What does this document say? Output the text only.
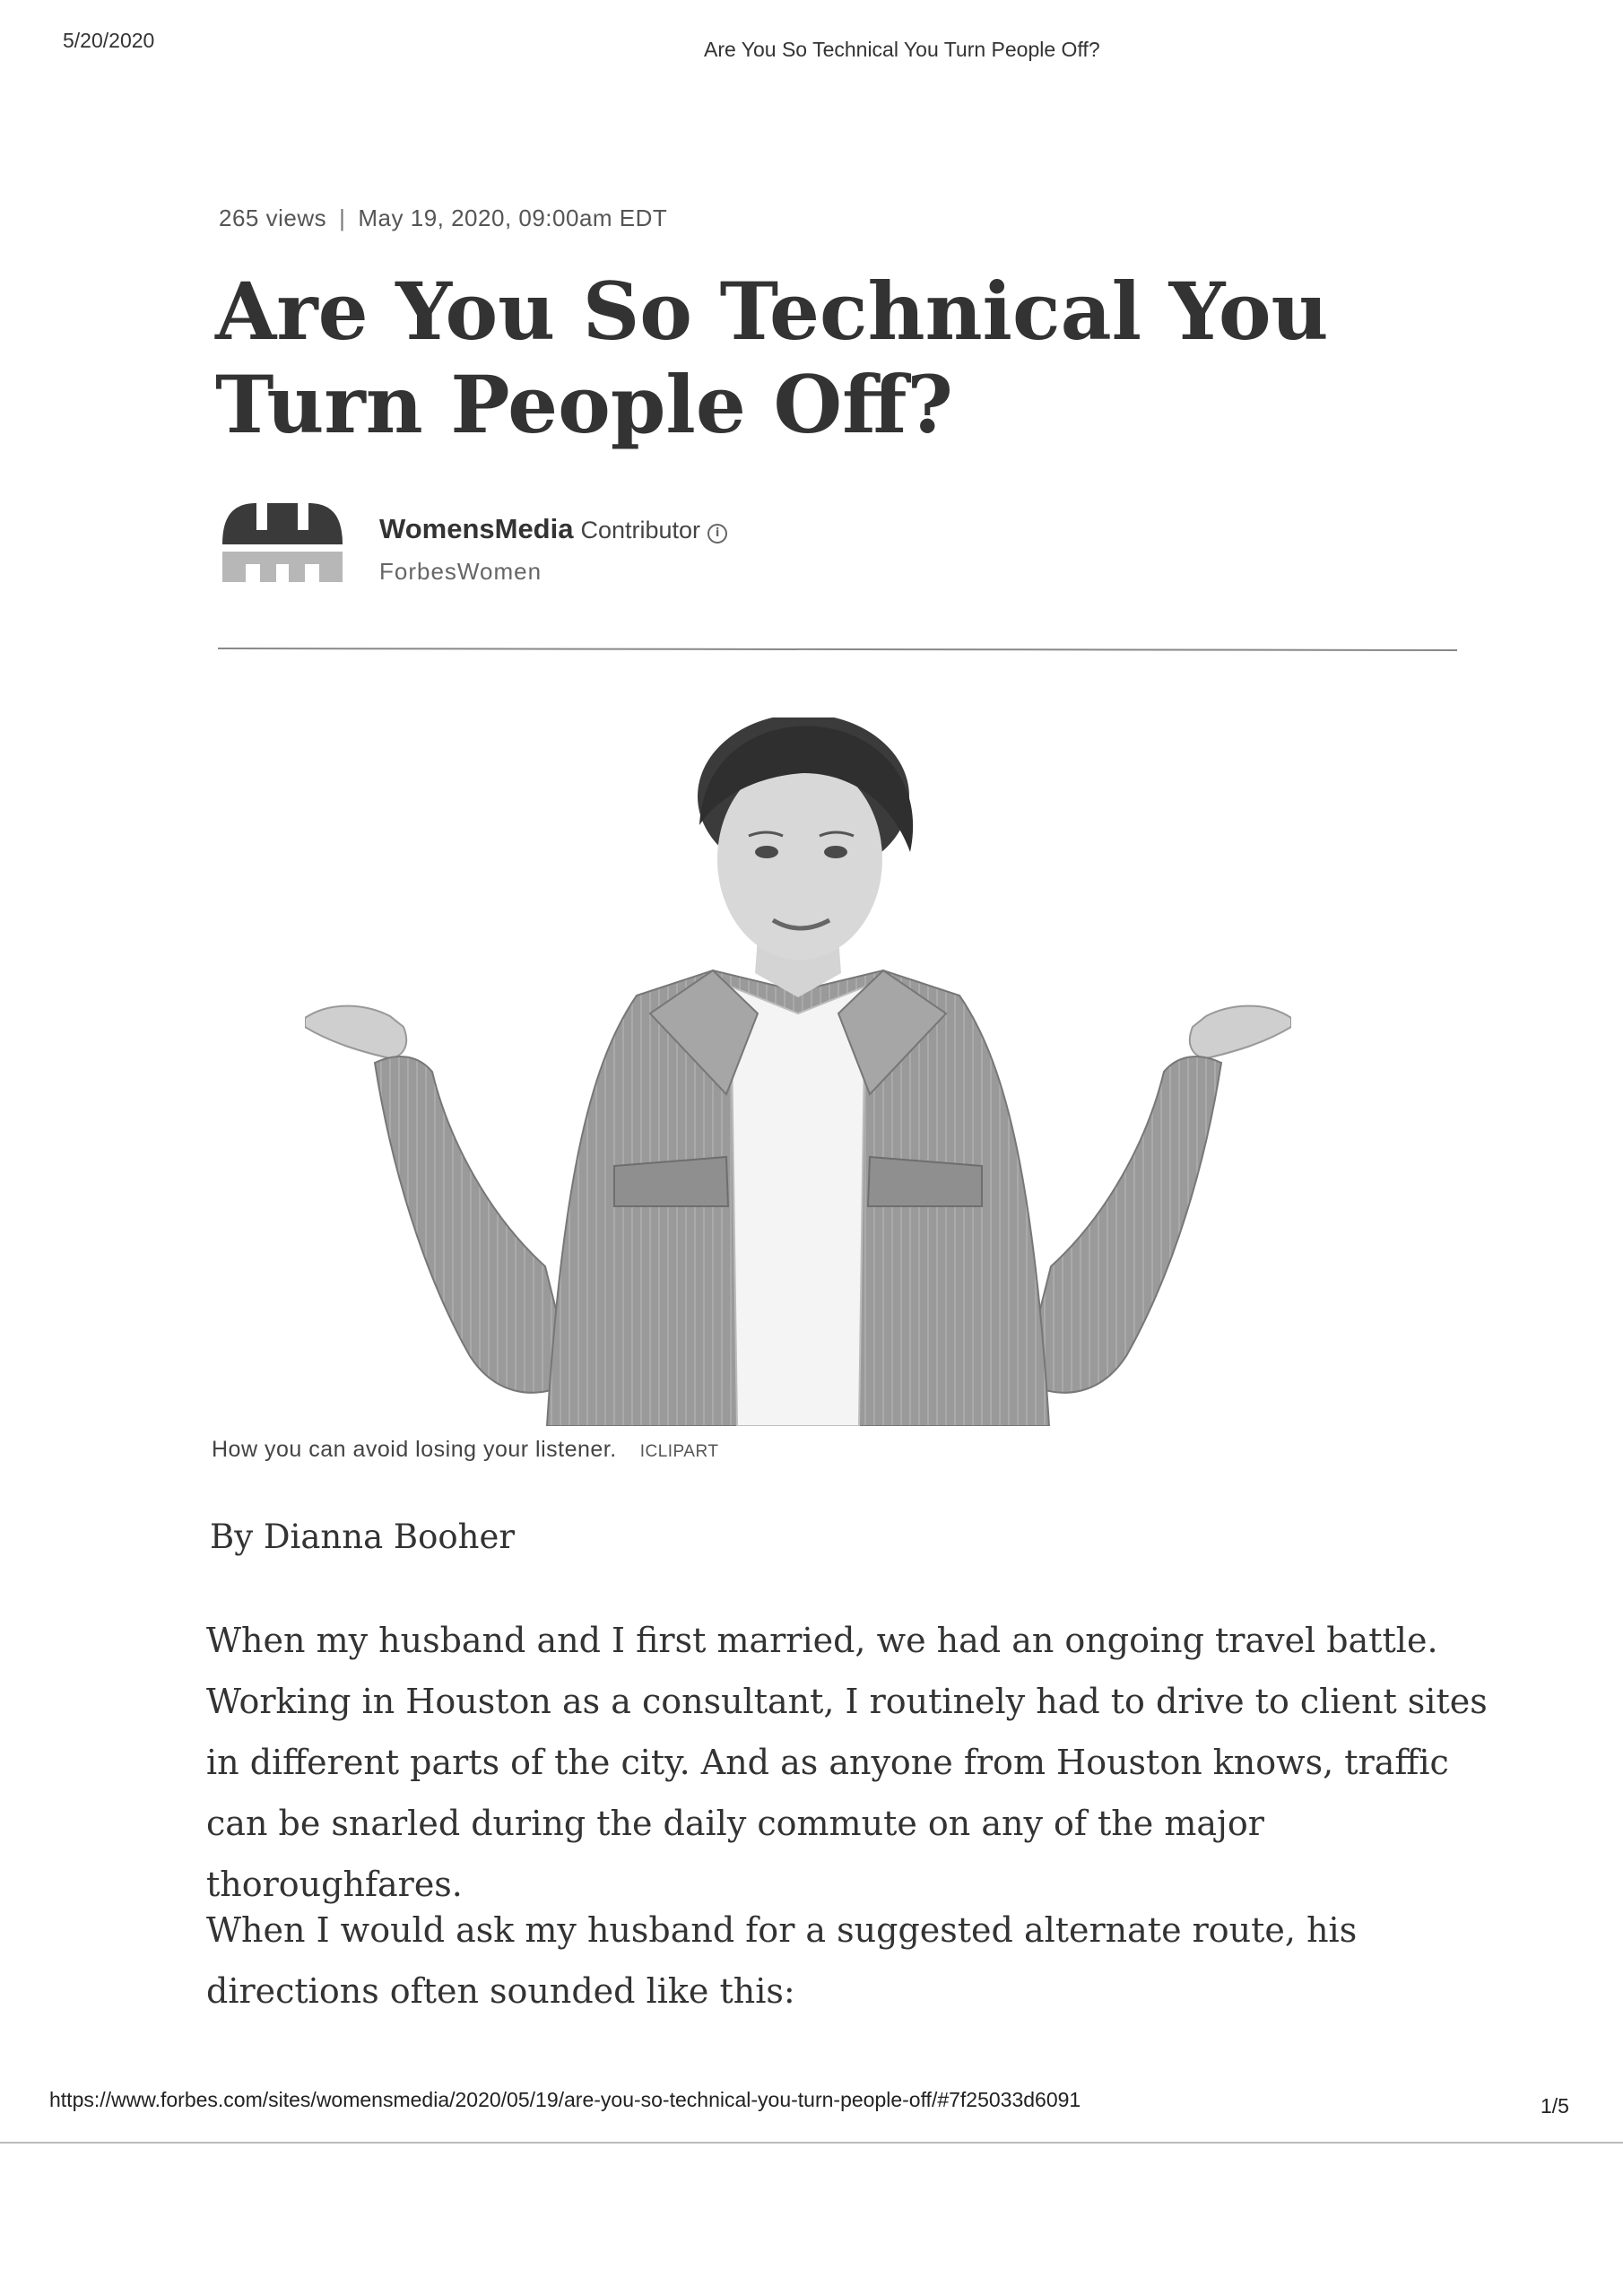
5/20/2020	Are You So Technical You Turn People Off?
265 views | May 19, 2020, 09:00am EDT
Are You So Technical You Turn People Off?
WomensMedia Contributor i
ForbesWomen
How you can avoid losing your listener. ICLIPART
By Dianna Booher

When my husband and I first married, we had an ongoing travel battle. Working in Houston as a consultant, I routinely had to drive to client sites in different parts of the city. And as anyone from Houston knows, traffic can be snarled during the daily commute on any of the major thoroughfares.

When I would ask my husband for a suggested alternate route, his directions often sounded like this:

https://www.forbes.com/sites/womensmedia/2020/05/19/are-you-so-technical-you-turn-people-off/#7f25033d6091	1/5
